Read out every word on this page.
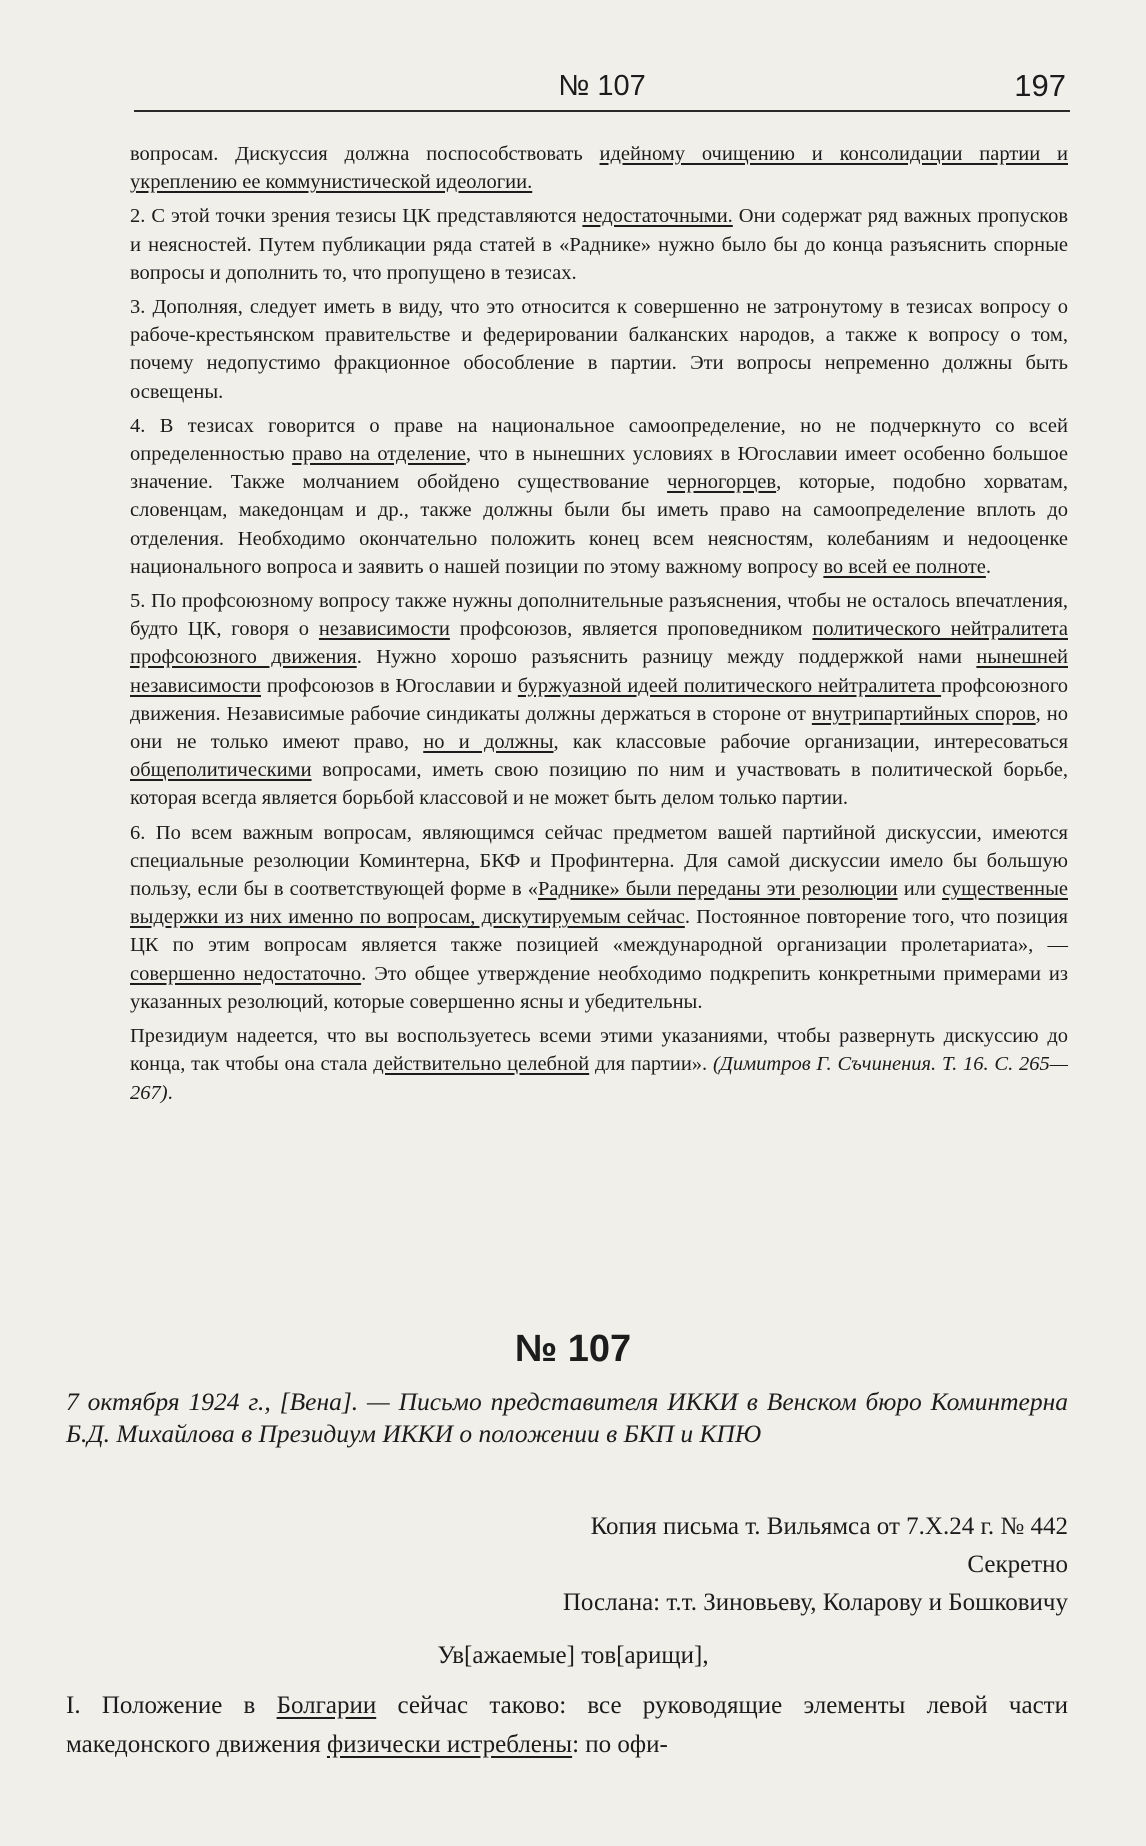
№ 107	197

вопросам. Дискуссия должна поспособствовать идейному очищению и консолидации партии и укреплению ее коммунистической идеологии.

2. С этой точки зрения тезисы ЦК представляются недостаточными. Они содержат ряд важных пропусков и неясностей. Путем публикации ряда статей в «Раднике» нужно было бы до конца разъяснить спорные вопросы и дополнить то, что пропущено в тезисах.

3. Дополняя, следует иметь в виду, что это относится к совершенно не затронутому в тезисах вопросу о рабоче-крестьянском правительстве и федерировании балканских народов, а также к вопросу о том, почему недопустимо фракционное обособление в партии. Эти вопросы непременно должны быть освещены.

4. В тезисах говорится о праве на национальное самоопределение, но не подчеркнуто со всей определенностью право на отделение, что в нынешних условиях в Югославии имеет особенно большое значение. Также молчанием обойдено существование черногорцев, которые, подобно хорватам, словенцам, македонцам и др., также должны были бы иметь право на самоопределение вплоть до отделения. Необходимо окончательно положить конец всем неясностям, колебаниям и недооценке национального вопроса и заявить о нашей позиции по этому важному вопросу во всей ее полноте.

5. По профсоюзному вопросу также нужны дополнительные разъяснения, чтобы не осталось впечатления, будто ЦК, говоря о независимости профсоюзов, является проповедником политического нейтралитета профсоюзного движения. Нужно хорошо разъяснить разницу между поддержкой нами нынешней независимости профсоюзов в Югославии и буржуазной идеей политического нейтралитета профсоюзного движения. Независимые рабочие синдикаты должны держаться в стороне от внутрипартийных споров, но они не только имеют право, но и должны, как классовые рабочие организации, интересоваться общеполитическими вопросами, иметь свою позицию по ним и участвовать в политической борьбе, которая всегда является борьбой классовой и не может быть делом только партии.

6. По всем важным вопросам, являющимся сейчас предметом вашей партийной дискуссии, имеются специальные резолюции Коминтерна, БКФ и Профинтерна. Для самой дискуссии имело бы большую пользу, если бы в соответствующей форме в «Раднике» были переданы эти резолюции или существенные выдержки из них именно по вопросам, дискутируемым сейчас. Постоянное повторение того, что позиция ЦК по этим вопросам является также позицией «международной организации пролетариата», — совершенно недостаточно. Это общее утверждение необходимо подкрепить конкретными примерами из указанных резолюций, которые совершенно ясны и убедительны.

Президиум надеется, что вы воспользуетесь всеми этими указаниями, чтобы развернуть дискуссию до конца, так чтобы она стала действительно целебной для партии». (Димитров Г. Съчинения. Т. 16. С. 265—267).

№ 107
7 октября 1924 г., [Вена]. — Письмо представителя ИККИ в Венском бюро Коминтерна Б.Д. Михайлова в Президиум ИККИ о положении в БКП и КПЮ
Копия письма т. Вильямса от 7.X.24 г. № 442
Секретно
Послана: т.т. Зиновьеву, Коларову и Бошковичу
Ув[ажаемые] тов[арищи],
I. Положение в Болгарии сейчас таково: все руководящие элементы левой части македонского движения физически истреблены: по офи-
